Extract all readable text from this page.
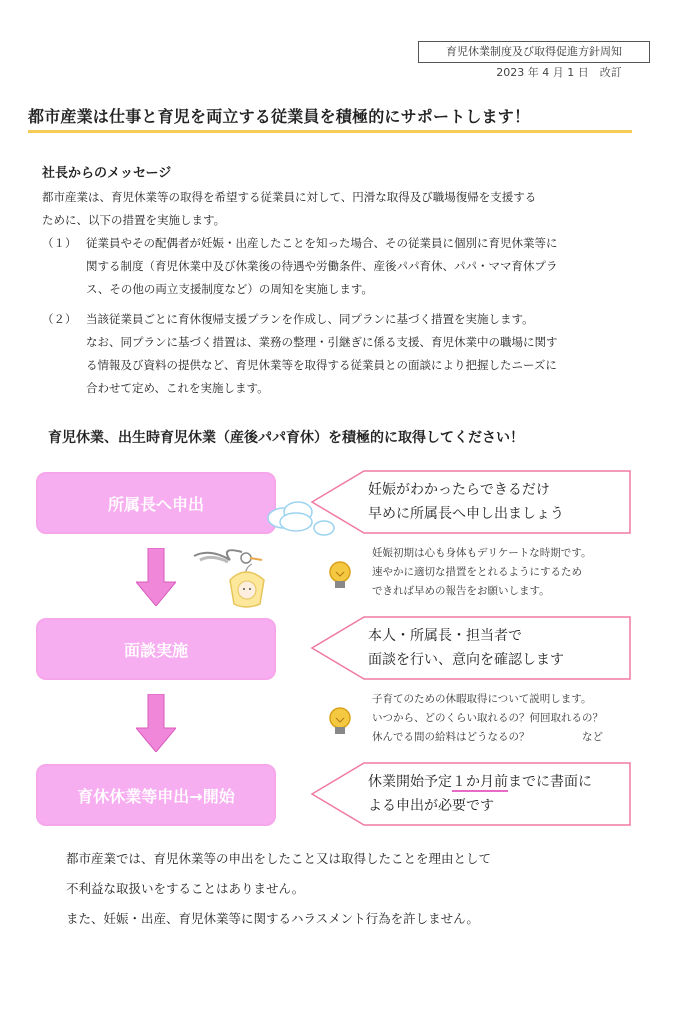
育児休業制度及び取得促進方針周知
2023 年 4 月 1 日　改訂
都市産業は仕事と育児を両立する従業員を積極的にサポートします！
社長からのメッセージ
都市産業は、育児休業等の取得を希望する従業員に対して、円滑な取得及び職場復帰を支援する
ために、以下の措置を実施します。
（１） 従業員やその配偶者が妊娠・出産したことを知った場合、その従業員に個別に育児休業等に
関する制度（育児休業中及び休業後の待遇や労働条件、産後パパ育休、パパ・ママ育休プラ
ス、その他の両立支援制度など）の周知を実施します。
（２） 当該従業員ごとに育休復帰支援プランを作成し、同プランに基づく措置を実施します。
なお、同プランに基づく措置は、業務の整理・引継ぎに係る支援、育児休業中の職場に関す
る情報及び資料の提供など、育児休業等を取得する従業員との面談により把握したニーズに
合わせて定め、これを実施します。
育児休業、出生時育児休業（産後パパ育休）を積極的に取得してください！
所属長へ申出
妊娠がわかったらできるだけ
早めに所属長へ申し出ましょう
妊娠初期は心も身体もデリケートな時期です。
速やかに適切な措置をとれるようにするため
できれば早めの報告をお願いします。
面談実施
本人・所属長・担当者で
面談を行い、意向を確認します
子育てのための休暇取得について説明します。
いつから、どのくらい取れるの？何回取れるの？
休んでる間の給料はどうなるの？　　　　　など
育休休業等申出→開始
休業開始予定１か月前までに書面に
よる申出が必要です
都市産業では、育児休業等の申出をしたこと又は取得したことを理由として
不利益な取扱いをすることはありません。
また、妊娠・出産、育児休業等に関するハラスメント行為を許しません。
